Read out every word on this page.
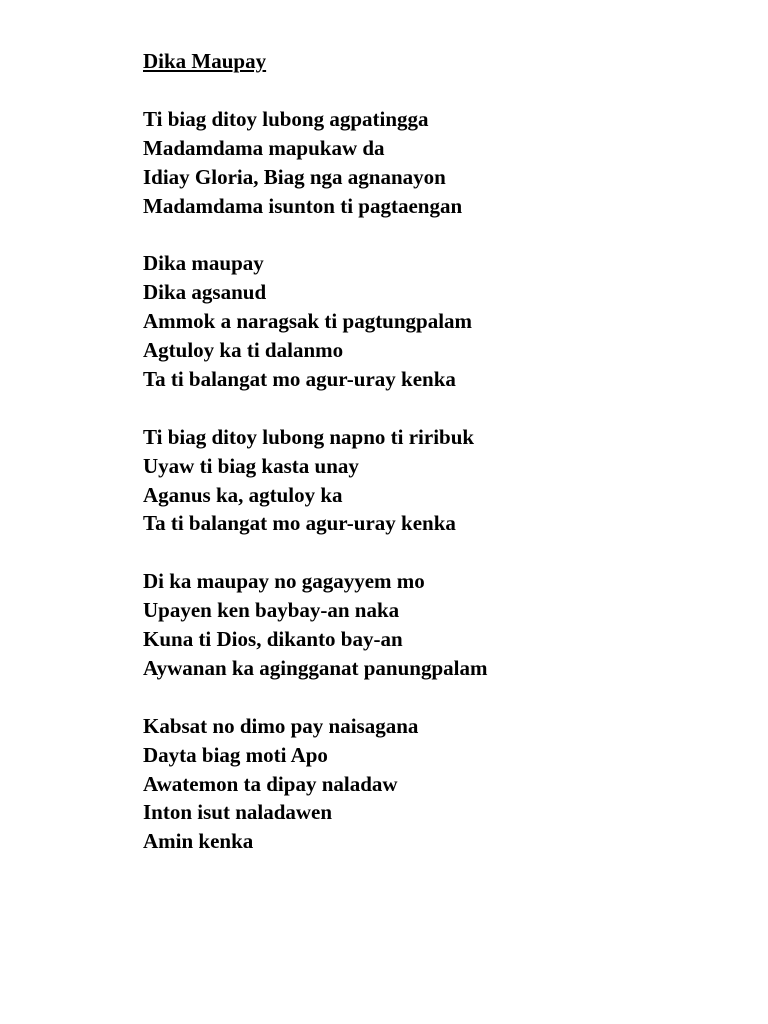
Dika Maupay
Ti biag ditoy lubong agpatingga
Madamdama mapukaw da
Idiay Gloria, Biag nga agnanayon
Madamdama isunton ti pagtaengan
Dika maupay
Dika agsanud
Ammok a naragsak ti pagtungpalam
Agtuloy ka ti dalanmo
Ta ti balangat mo agur-uray kenka
Ti biag ditoy lubong napno ti riribuk
Uyaw ti biag kasta unay
Aganus ka, agtuloy ka
Ta ti balangat mo agur-uray kenka
Di ka maupay no gagayyem mo
Upayen ken baybay-an naka
Kuna ti Dios, dikanto bay-an
Aywanan ka agingganat panungpalam
Kabsat no dimo pay naisagana
Dayta biag moti Apo
Awatemon ta dipay naladaw
Inton isut naladawen
Amin kenka
